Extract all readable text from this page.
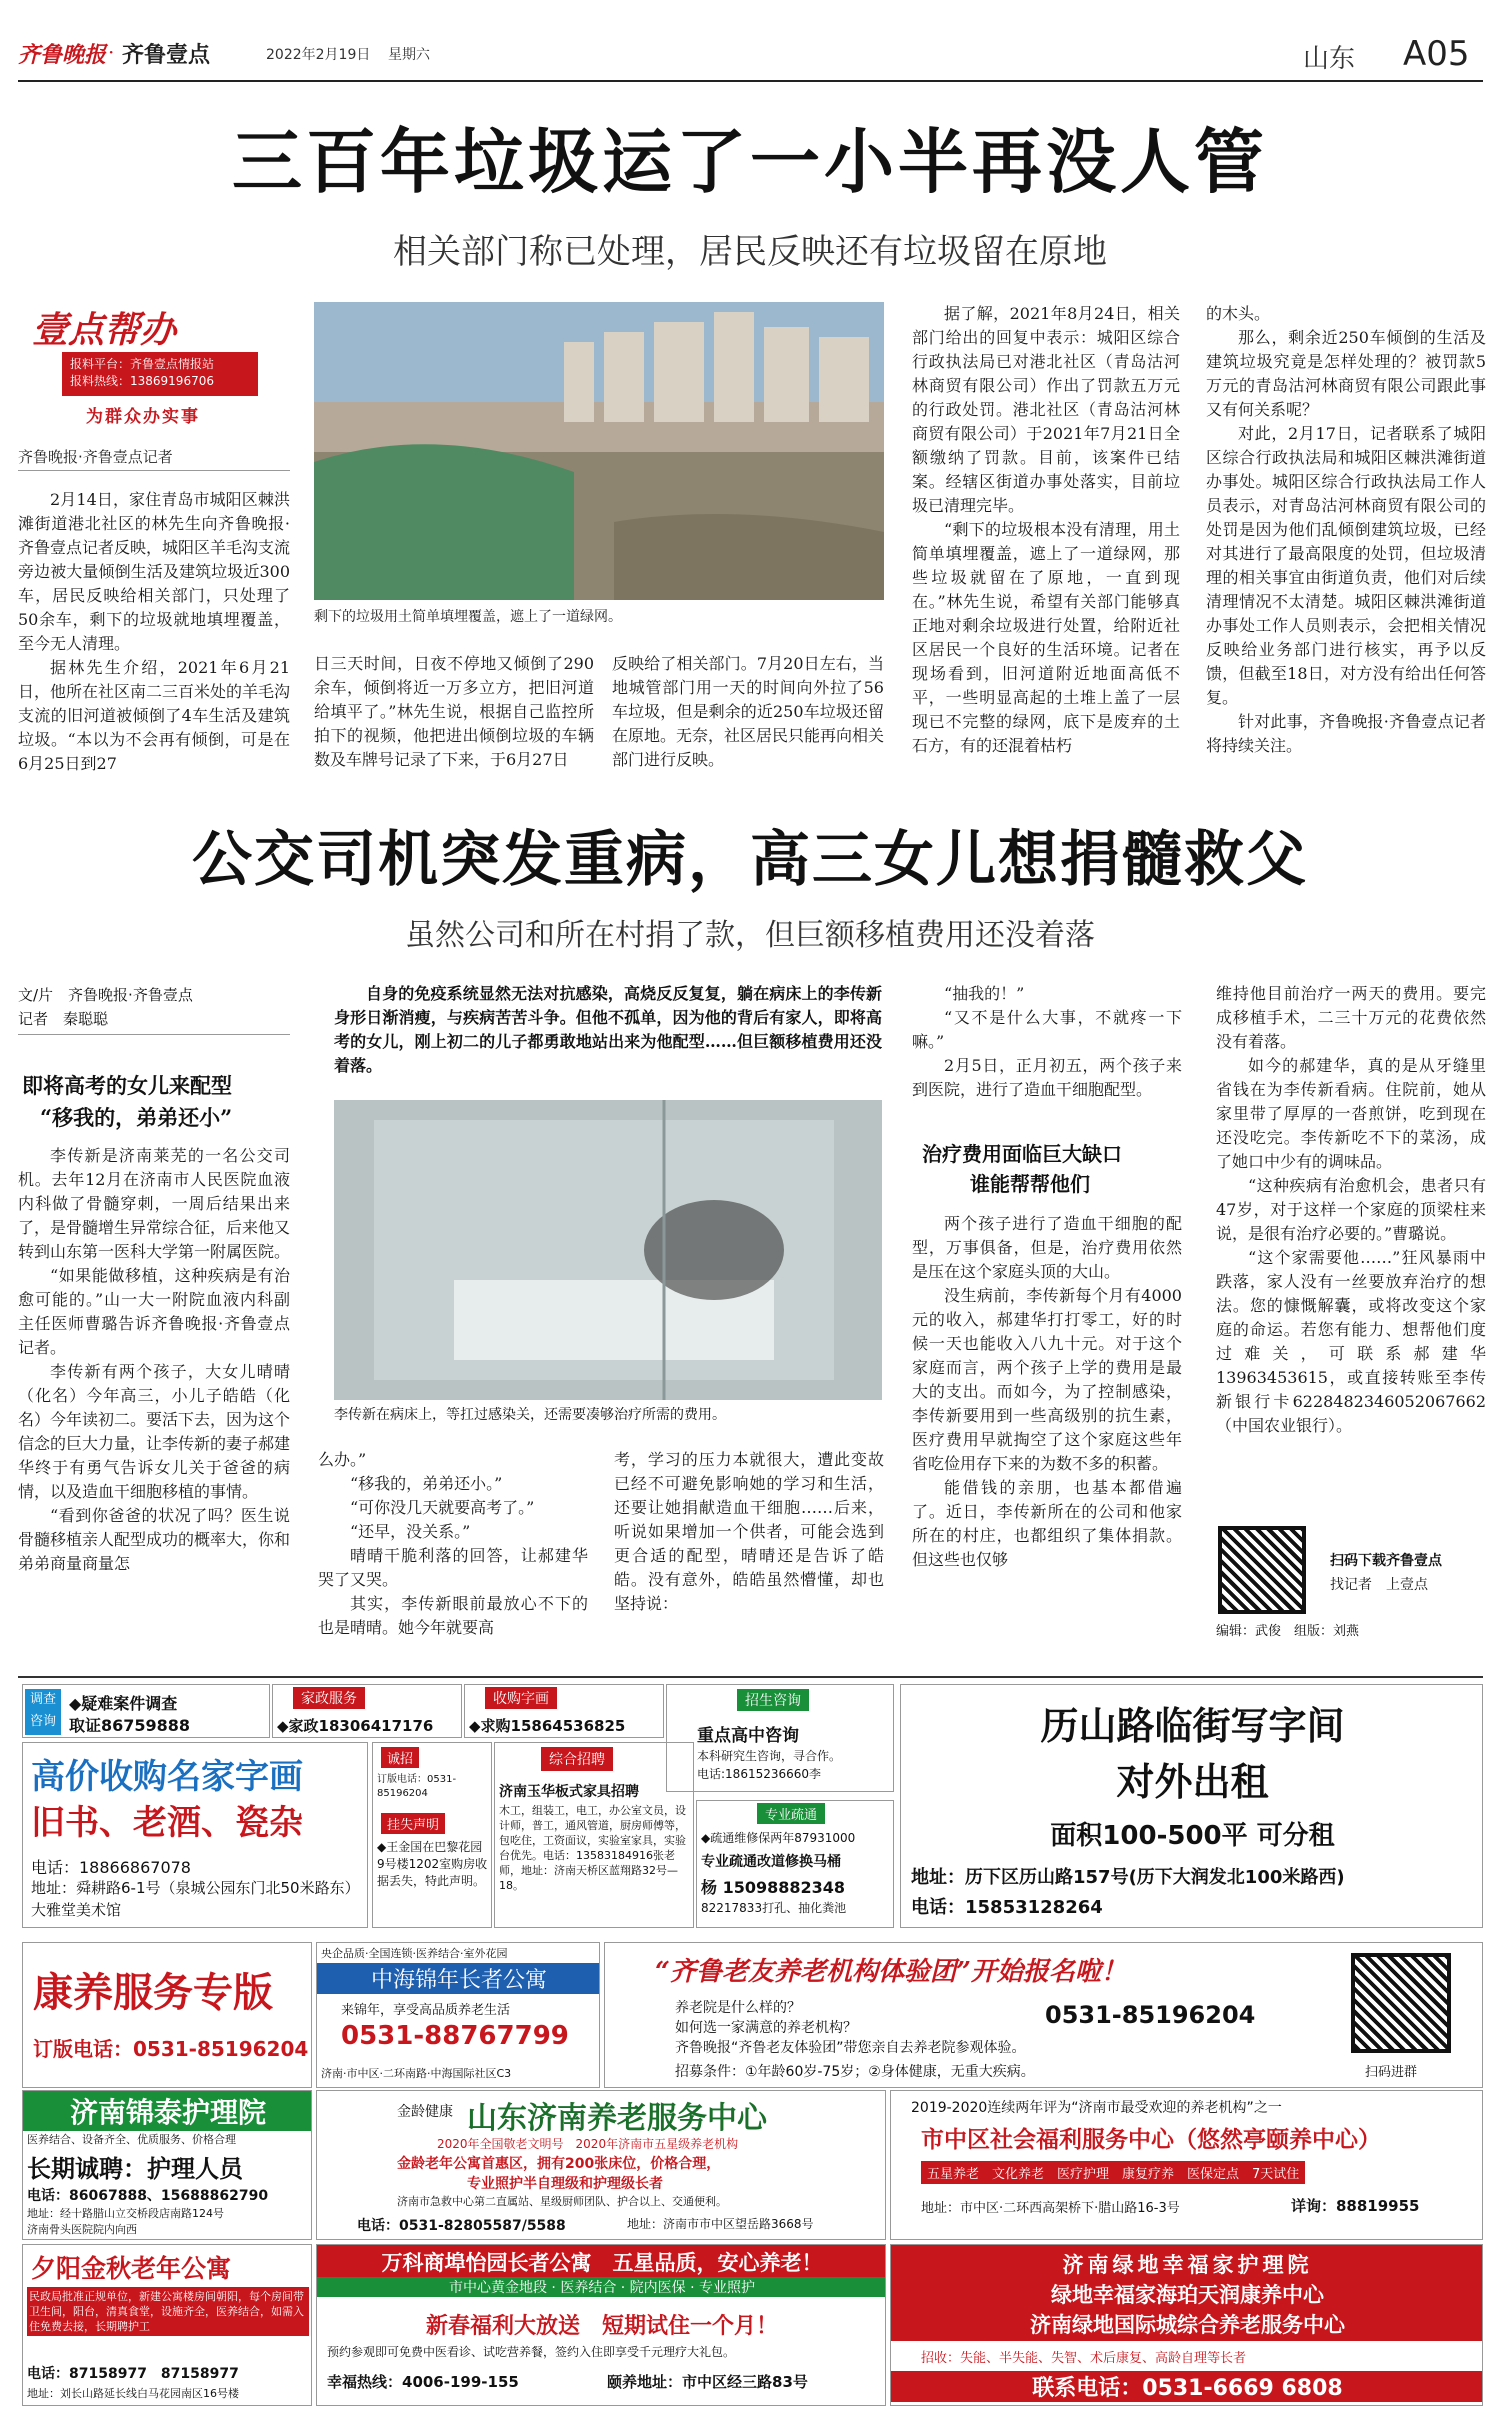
齐鲁晚报 · 齐鲁壹点	2022年2月19日 星期六	山东 A05
三百年垃圾运了一小半再没人管
相关部门称已处理，居民反映还有垃圾留在原地
壹点帮办
报料平台：齐鲁壹点情报站
报料热线：13869196706
为群众办实事
齐鲁晚报·齐鲁壹点记者

2月14日，家住青岛市城阳区棘洪滩街道港北社区的林先生向齐鲁晚报·齐鲁壹点记者反映，城阳区羊毛沟支流旁边被大量倾倒生活及建筑垃圾近300车，居民反映给相关部门，只处理了50余车，剩下的垃圾就地填埋覆盖，至今无人清理。

据林先生介绍，2021年6月21日，他所在社区南二三百米处的羊毛沟支流的旧河道被倾倒了4车生活及建筑垃圾。“本以为不会再有倾倒，可是在6月25日到27

剩下的垃圾用土简单填埋覆盖，遮上了一道绿网。
日三天时间，日夜不停地又倾倒了290余车，倾倒将近一万多立方，把旧河道给填平了。”林先生说，根据自己监控所拍下的视频，他把进出倾倒垃圾的车辆数及车牌号记录了下来，于6月27日
反映给了相关部门。7月20日左右，当地城管部门用一天的时间向外拉了56车垃圾，但是剩余的近250车垃圾还留在原地。无奈，社区居民只能再向相关部门进行反映。

据了解，2021年8月24日，相关部门给出的回复中表示：城阳区综合行政执法局已对港北社区（青岛沽河林商贸有限公司）作出了罚款五万元的行政处罚。港北社区（青岛沽河林商贸有限公司）于2021年7月21日全额缴纳了罚款。目前，该案件已结案。经辖区街道办事处落实，目前垃圾已清理完毕。

“剩下的垃圾根本没有清理，用土简单填埋覆盖，遮上了一道绿网，那些垃圾就留在了原地，一直到现在。”林先生说，希望有关部门能够真正地对剩余垃圾进行处置，给附近社区居民一个良好的生活环境。记者在现场看到，旧河道附近地面高低不平，一些明显高起的土堆上盖了一层现已不完整的绿网，底下是废弃的土石方，有的还混着枯朽

的木头。

那么，剩余近250车倾倒的生活及建筑垃圾究竟是怎样处理的？被罚款5万元的青岛沽河林商贸有限公司跟此事又有何关系呢？

对此，2月17日，记者联系了城阳区综合行政执法局和城阳区棘洪滩街道办事处。城阳区综合行政执法局工作人员表示，对青岛沽河林商贸有限公司的处罚是因为他们乱倾倒建筑垃圾，已经对其进行了最高限度的处罚，但垃圾清理的相关事宜由街道负责，他们对后续清理情况不太清楚。城阳区棘洪滩街道办事处工作人员则表示，会把相关情况反映给业务部门进行核实，再予以反馈，但截至18日，对方没有给出任何答复。

针对此事，齐鲁晚报·齐鲁壹点记者将持续关注。

公交司机突发重病，高三女儿想捐髓救父
虽然公司和所在村捐了款，但巨额移植费用还没着落
文/片　齐鲁晚报·齐鲁壹点
记者　秦聪聪
即将高考的女儿来配型
“移我的，弟弟还小”

李传新是济南莱芜的一名公交司机。去年12月在济南市人民医院血液内科做了骨髓穿刺，一周后结果出来了，是骨髓增生异常综合征，后来他又转到山东第一医科大学第一附属医院。

“如果能做移植，这种疾病是有治愈可能的。”山一大一附院血液内科副主任医师曹璐告诉齐鲁晚报·齐鲁壹点记者。

李传新有两个孩子，大女儿晴晴（化名）今年高三，小儿子皓皓（化名）今年读初二。要活下去，因为这个信念的巨大力量，让李传新的妻子郝建华终于有勇气告诉女儿关于爸爸的病情，以及造血干细胞移植的事情。

“看到你爸爸的状况了吗？医生说骨髓移植亲人配型成功的概率大，你和弟弟商量商量怎

自身的免疫系统显然无法对抗感染，高烧反反复复，躺在病床上的李传新身形日渐消瘦，与疾病苦苦斗争。但他不孤单，因为他的背后有家人，即将高考的女儿，刚上初二的儿子都勇敢地站出来为他配型……但巨额移植费用还没着落。
李传新在病床上，等扛过感染关，还需要凑够治疗所需的费用。

么办。”

“移我的，弟弟还小。”

“可你没几天就要高考了。”

“还早，没关系。”

晴晴干脆利落的回答，让郝建华哭了又哭。

其实，李传新眼前最放心不下的也是晴晴。她今年就要高

考，学习的压力本就很大，遭此变故已经不可避免影响她的学习和生活，还要让她捐献造血干细胞……后来，听说如果增加一个供者，可能会选到更合适的配型，晴晴还是告诉了皓皓。没有意外，皓皓虽然懵懂，却也坚持说：

“抽我的！”

“又不是什么大事，不就疼一下嘛。”

2月5日，正月初五，两个孩子来到医院，进行了造血干细胞配型。

治疗费用面临巨大缺口
谁能帮帮他们

两个孩子进行了造血干细胞的配型，万事俱备，但是，治疗费用依然是压在这个家庭头顶的大山。

没生病前，李传新每个月有4000元的收入，郝建华打打零工，好的时候一天也能收入八九十元。对于这个家庭而言，两个孩子上学的费用是最大的支出。而如今，为了控制感染，李传新要用到一些高级别的抗生素，医疗费用早就掏空了这个家庭这些年省吃俭用存下来的为数不多的积蓄。

能借钱的亲朋，也基本都借遍了。近日，李传新所在的公司和他家所在的村庄，也都组织了集体捐款。但这些也仅够

维持他目前治疗一两天的费用。要完成移植手术，二三十万元的花费依然没有着落。

如今的郝建华，真的是从牙缝里省钱在为李传新看病。住院前，她从家里带了厚厚的一沓煎饼，吃到现在还没吃完。李传新吃不下的菜汤，成了她口中少有的调味品。

“这种疾病有治愈机会，患者只有47岁，对于这样一个家庭的顶梁柱来说，是很有治疗必要的。”曹璐说。

“这个家需要他……”狂风暴雨中跌落，家人没有一丝要放弃治疗的想法。您的慷慨解囊，或将改变这个家庭的命运。若您有能力、想帮他们度过难关，可联系郝建华13963453615，或直接转账至李传新银行卡6228482346052067662（中国农业银行）。

扫码下载齐鲁壹点
找记者　上壹点
编辑：武俊　组版：刘燕
调查咨询
◆疑难案件调查
取证86759888
家政服务
◆家政18306417176
收购字画
◆求购15864536825
招生咨询
重点高中咨询
本科研究生咨询，寻合作。
电话:18615236660李
历山路临街写字间
对外出租
面积100-500平 可分租
地址：历下区历山路157号(历下大润发北100米路西)
电话：15853128264
高价收购名家字画
旧书、老酒、瓷杂
电话：18866867078
地址：舜耕路6-1号（泉城公园东门北50米路东）大雅堂美术馆
诚招
订版电话：0531-85196204
挂失声明
◆王金国在巴黎花园9号楼1202室购房收据丢失，特此声明。
综合招聘
济南玉华板式家具招聘
木工，组装工，电工，办公室文员，设计师，普工，通风管道，厨房师傅等，包吃住，工资面议，实验室家具，实验台优先。电话：13583184916张老师，地址：济南天桥区蓝翔路32号—18。
专业疏通
◆疏通维修保两年87931000
专业疏通改道修换马桶
杨 15098882348
82217833打孔、抽化粪池
康养服务专版
订版电话：0531-85196204
央企品质·全国连锁·医养结合·室外花园
中海锦年长者公寓
来锦年，享受高品质养老生活
0531-88767799
济南·市中区·二环南路·中海国际社区C3
“齐鲁老友养老机构体验团”开始报名啦！
养老院是什么样的？
如何选一家满意的养老机构？
齐鲁晚报“齐鲁老友体验团”带您亲自去养老院参观体验。
招募条件：①年龄60岁-75岁；②身体健康，无重大疾病。
0531-85196204
扫码进群
济南锦泰护理院
医养结合、设备齐全、优质服务、价格合理
长期诚聘：护理人员
电话：86067888、15688862790
地址：经十路腊山立交桥段店南路124号
济南骨头医院院内向西
金龄健康 山东济南养老服务中心
2020年全国敬老文明号　2020年济南市五星级养老机构
金龄老年公寓首惠区，拥有200张床位，价格合理，
专业照护半自理级和护理级长者
济南市急救中心第二直属站、星级厨师团队、护合以上、交通便利。
电话：0531-82805587/5588	地址：济南市市中区望岳路3668号
2019-2020连续两年评为“济南市最受欢迎的养老机构”之一
市中区社会福利服务中心（悠然亭颐养中心）
五星养老　文化养老　医疗护理　康复疗养　医保定点　7天试住
地址：市中区·二环西高架桥下·腊山路16-3号	详询：88819955
夕阳金秋老年公寓
民政局批准正规单位，新建公寓楼房间朝阳，每个房间带卫生间，阳台，清真食堂，设施齐全，医养结合，如需入住免费去接，长期聘护工
电话：87158977　87158977
地址：刘长山路延长线白马花园南区16号楼
万科商埠怡园长者公寓　五星品质，安心养老！
市中心黄金地段 · 医养结合 · 院内医保 · 专业照护
新春福利大放送　短期试住一个月！
预约参观即可免费中医看诊、试吃营养餐，签约入住即享受千元理疗大礼包。
幸福热线：4006-199-155	颐养地址：市中区经三路83号
济南绿地幸福家护理院
绿地幸福家海珀天润康养中心
济南绿地国际城综合养老服务中心
招收：失能、半失能、失智、术后康复、高龄自理等长者
联系电话：0531-6669 6808
